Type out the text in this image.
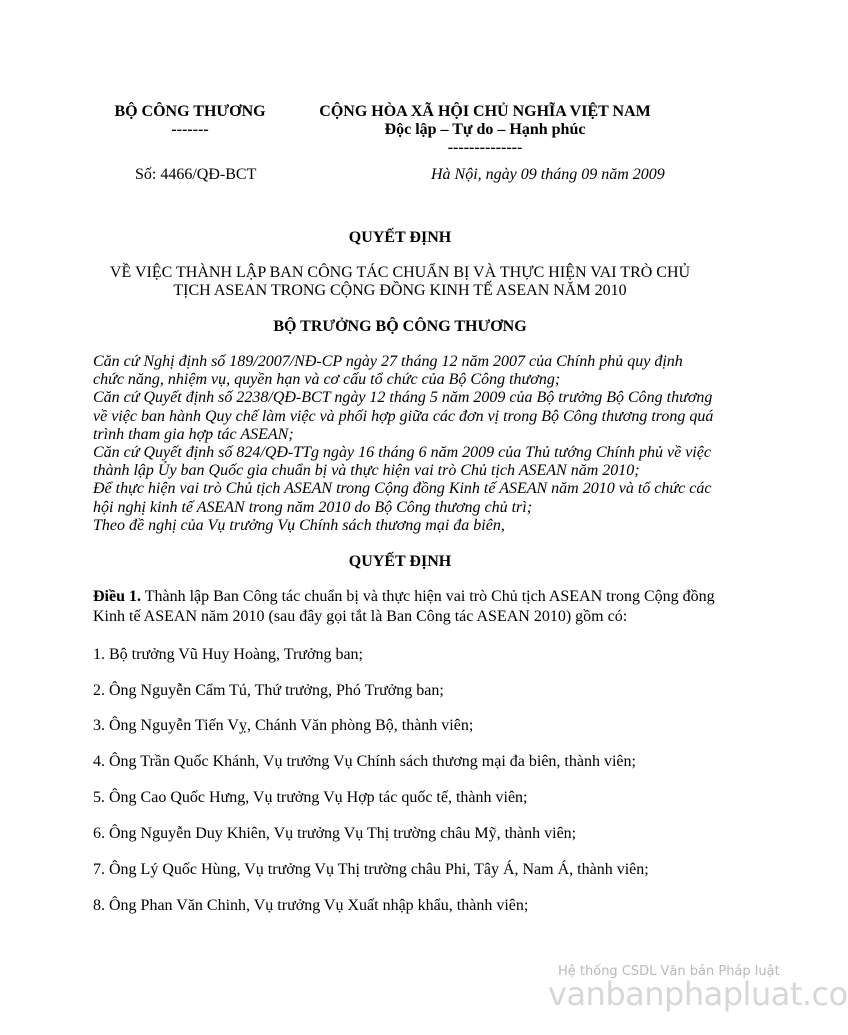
BỘ CÔNG THƯƠNG
-------
CỘNG HÒA XÃ HỘI CHỦ NGHĨA VIỆT NAM
Độc lập – Tự do – Hạnh phúc
--------------
Số: 4466/QĐ-BCT	Hà Nội, ngày 09 tháng 09 năm 2009
QUYẾT ĐỊNH
VỀ VIỆC THÀNH LẬP BAN CÔNG TÁC CHUẨN BỊ VÀ THỰC HIỆN VAI TRÒ CHỦ
TỊCH ASEAN TRONG CỘNG ĐỒNG KINH TẾ ASEAN NĂM 2010
BỘ TRƯỞNG BỘ CÔNG THƯƠNG
Căn cứ Nghị định số 189/2007/NĐ-CP ngày 27 tháng 12 năm 2007 của Chính phủ quy định
chức năng, nhiệm vụ, quyền hạn và cơ cấu tổ chức của Bộ Công thương;
Căn cứ Quyết định số 2238/QĐ-BCT ngày 12 tháng 5 năm 2009 của Bộ trưởng Bộ Công thương
về việc ban hành Quy chế làm việc và phối hợp giữa các đơn vị trong Bộ Công thương trong quá
trình tham gia hợp tác ASEAN;
Căn cứ Quyết định số 824/QĐ-TTg ngày 16 tháng 6 năm 2009 của Thủ tướng Chính phủ về việc
thành lập Ủy ban Quốc gia chuẩn bị và thực hiện vai trò Chủ tịch ASEAN năm 2010;
Để thực hiện vai trò Chủ tịch ASEAN trong Cộng đồng Kinh tế ASEAN năm 2010 và tổ chức các
hội nghị kinh tế ASEAN trong năm 2010 do Bộ Công thương chủ trì;
Theo đề nghị của Vụ trưởng Vụ Chính sách thương mại đa biên,
QUYẾT ĐỊNH
Điều 1. Thành lập Ban Công tác chuẩn bị và thực hiện vai trò Chủ tịch ASEAN trong Cộng đồng
Kinh tế ASEAN năm 2010 (sau đây gọi tắt là Ban Công tác ASEAN 2010) gồm có:
1. Bộ trưởng Vũ Huy Hoàng, Trưởng ban;
2. Ông Nguyễn Cẩm Tú, Thứ trưởng, Phó Trưởng ban;
3. Ông Nguyễn Tiến Vỵ, Chánh Văn phòng Bộ, thành viên;
4. Ông Trần Quốc Khánh, Vụ trưởng Vụ Chính sách thương mại đa biên, thành viên;
5. Ông Cao Quốc Hưng, Vụ trưởng Vụ Hợp tác quốc tế, thành viên;
6. Ông Nguyễn Duy Khiên, Vụ trưởng Vụ Thị trường châu Mỹ, thành viên;
7. Ông Lý Quốc Hùng, Vụ trưởng Vụ Thị trường châu Phi, Tây Á, Nam Á, thành viên;
8. Ông Phan Văn Chinh, Vụ trưởng Vụ Xuất nhập khẩu, thành viên;
Hệ thống CSDL Văn bản Pháp luật
vanbanphapluat.co
